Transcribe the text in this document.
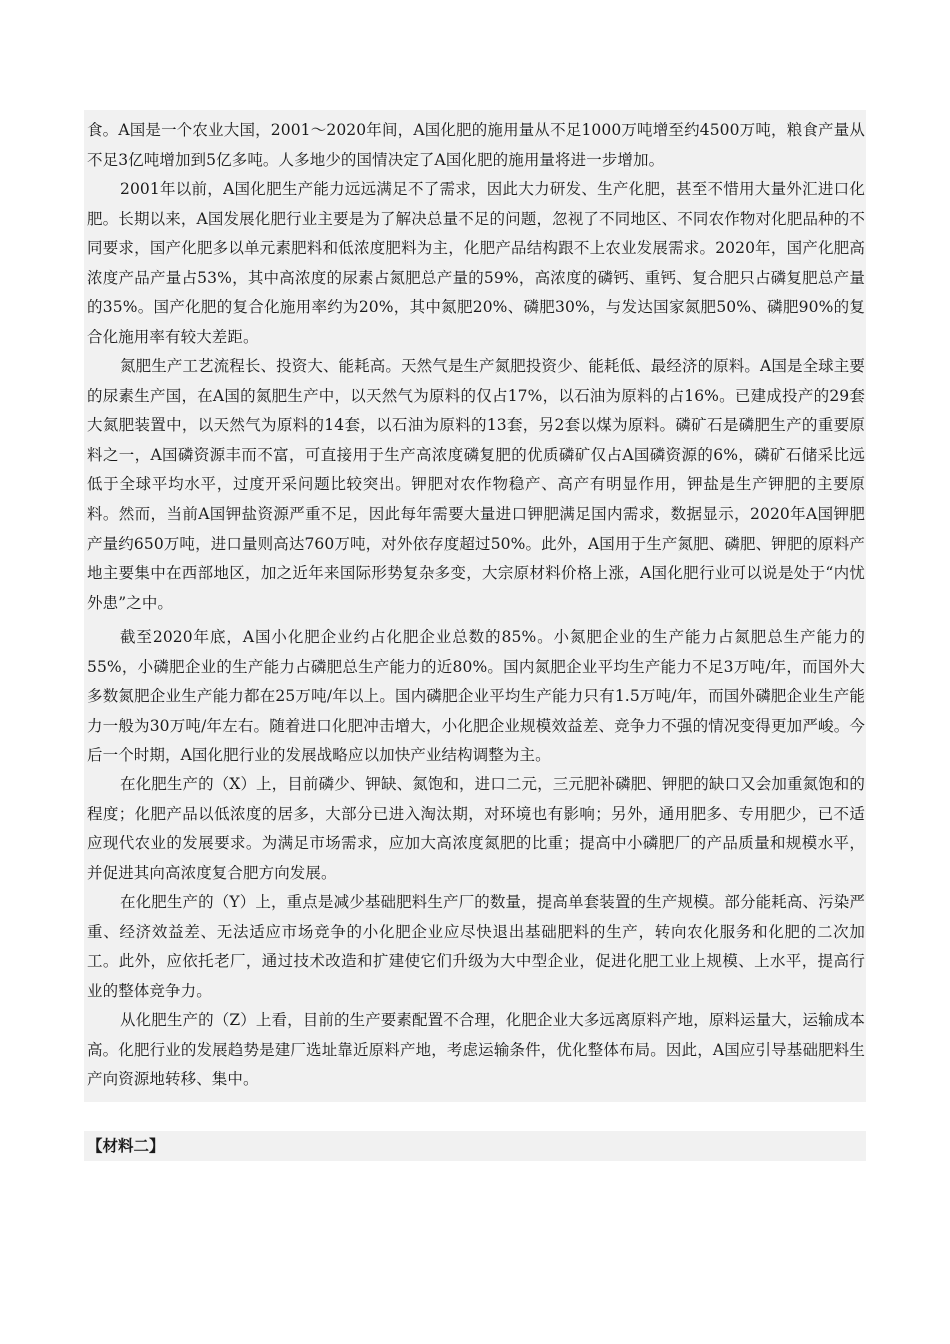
食。A国是一个农业大国，2001～2020年间，A国化肥的施用量从不足1000万吨增至约4500万吨，粮食产量从不足3亿吨增加到5亿多吨。人多地少的国情决定了A国化肥的施用量将进一步增加。

2001年以前，A国化肥生产能力远远满足不了需求，因此大力研发、生产化肥，甚至不惜用大量外汇进口化肥。长期以来，A国发展化肥行业主要是为了解决总量不足的问题，忽视了不同地区、不同农作物对化肥品种的不同要求，国产化肥多以单元素肥料和低浓度肥料为主，化肥产品结构跟不上农业发展需求。2020年，国产化肥高浓度产品产量占53%，其中高浓度的尿素占氮肥总产量的59%，高浓度的磷钙、重钙、复合肥只占磷复肥总产量的35%。国产化肥的复合化施用率约为20%，其中氮肥20%、磷肥30%，与发达国家氮肥50%、磷肥90%的复合化施用率有较大差距。

氮肥生产工艺流程长、投资大、能耗高。天然气是生产氮肥投资少、能耗低、最经济的原料。A国是全球主要的尿素生产国，在A国的氮肥生产中，以天然气为原料的仅占17%，以石油为原料的占16%。已建成投产的29套大氮肥装置中，以天然气为原料的14套，以石油为原料的13套，另2套以煤为原料。磷矿石是磷肥生产的重要原料之一，A国磷资源丰而不富，可直接用于生产高浓度磷复肥的优质磷矿仅占A国磷资源的6%，磷矿石储采比远低于全球平均水平，过度开采问题比较突出。钾肥对农作物稳产、高产有明显作用，钾盐是生产钾肥的主要原料。然而，当前A国钾盐资源严重不足，因此每年需要大量进口钾肥满足国内需求，数据显示，2020年A国钾肥产量约650万吨，进口量则高达760万吨，对外依存度超过50%。此外，A国用于生产氮肥、磷肥、钾肥的原料产地主要集中在西部地区，加之近年来国际形势复杂多变，大宗原材料价格上涨，A国化肥行业可以说是处于“内忧外患”之中。

截至2020年底，A国小化肥企业约占化肥企业总数的85%。小氮肥企业的生产能力占氮肥总生产能力的55%，小磷肥企业的生产能力占磷肥总生产能力的近80%。国内氮肥企业平均生产能力不足3万吨/年，而国外大多数氮肥企业生产能力都在25万吨/年以上。国内磷肥企业平均生产能力只有1.5万吨/年，而国外磷肥企业生产能力一般为30万吨/年左右。随着进口化肥冲击增大，小化肥企业规模效益差、竞争力不强的情况变得更加严峻。今后一个时期，A国化肥行业的发展战略应以加快产业结构调整为主。

在化肥生产的（X）上，目前磷少、钾缺、氮饱和，进口二元，三元肥补磷肥、钾肥的缺口又会加重氮饱和的程度；化肥产品以低浓度的居多，大部分已进入淘汰期，对环境也有影响；另外，通用肥多、专用肥少，已不适应现代农业的发展要求。为满足市场需求，应加大高浓度氮肥的比重；提高中小磷肥厂的产品质量和规模水平，并促进其向高浓度复合肥方向发展。

在化肥生产的（Y）上，重点是减少基础肥料生产厂的数量，提高单套装置的生产规模。部分能耗高、污染严重、经济效益差、无法适应市场竞争的小化肥企业应尽快退出基础肥料的生产，转向农化服务和化肥的二次加工。此外，应依托老厂，通过技术改造和扩建使它们升级为大中型企业，促进化肥工业上规模、上水平，提高行业的整体竞争力。

从化肥生产的（Z）上看，目前的生产要素配置不合理，化肥企业大多远离原料产地，原料运量大，运输成本高。化肥行业的发展趋势是建厂选址靠近原料产地，考虑运输条件，优化整体布局。因此，A国应引导基础肥料生产向资源地转移、集中。

【材料二】
